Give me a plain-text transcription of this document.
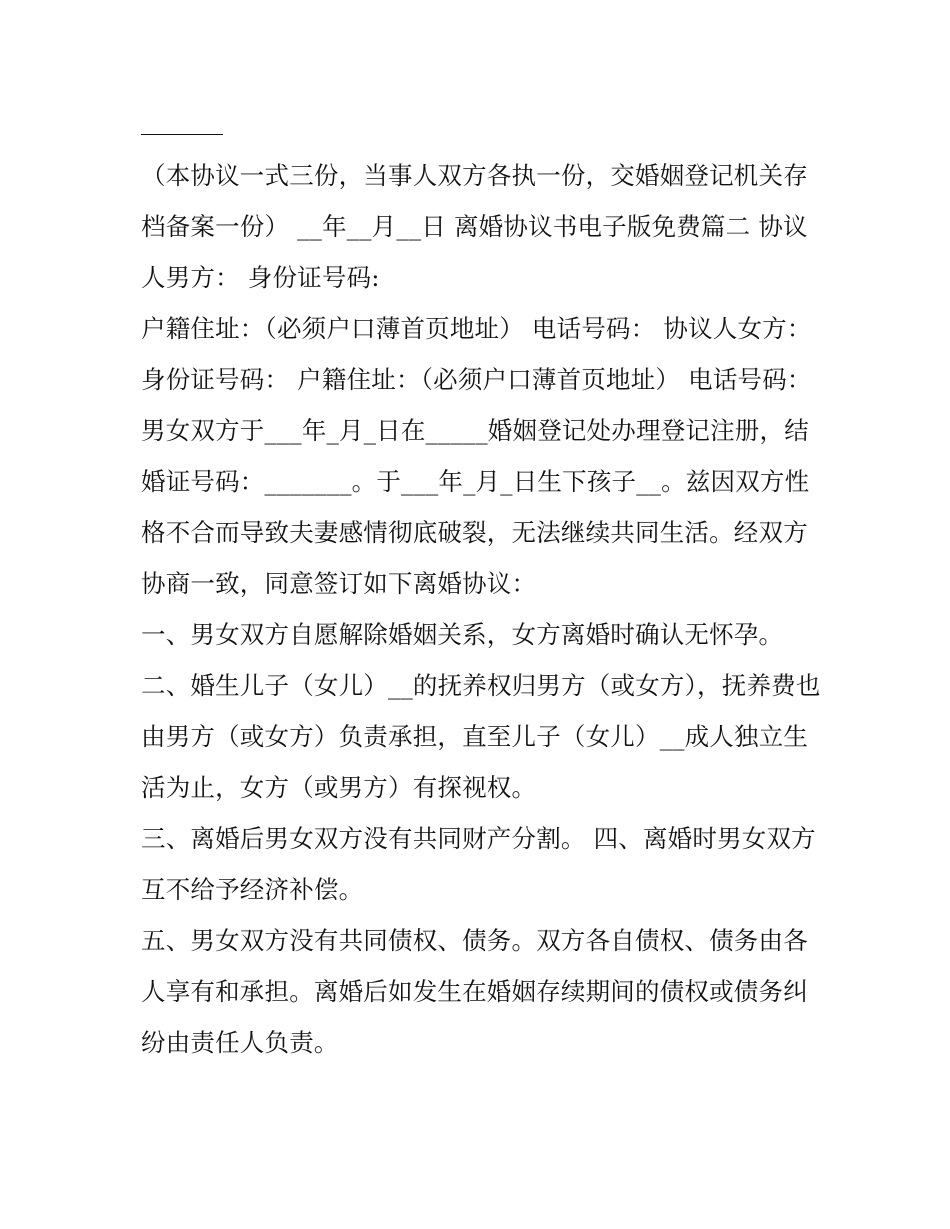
（本协议一式三份，当事人双方各执一份，交婚姻登记机关存档备案一份） __年__月__日 离婚协议书电子版免费篇二 协议人男方： 身份证号码:

户籍住址：（必须户口薄首页地址） 电话号码： 协议人女方： 身份证号码： 户籍住址：（必须户口薄首页地址） 电话号码：

男女双方于___年_月_日在_____婚姻登记处办理登记注册，结婚证号码：_______。于___年_月_日生下孩子__。兹因双方性格不合而导致夫妻感情彻底破裂，无法继续共同生活。经双方协商一致，同意签订如下离婚协议：

一、男女双方自愿解除婚姻关系，女方离婚时确认无怀孕。

二、婚生儿子（女儿）__的抚养权归男方（或女方），抚养费也由男方（或女方）负责承担，直至儿子（女儿）__成人独立生活为止，女方（或男方）有探视权。

三、离婚后男女双方没有共同财产分割。 四、离婚时男女双方互不给予经济补偿。

五、男女双方没有共同债权、债务。双方各自债权、债务由各人享有和承担。离婚后如发生在婚姻存续期间的债权或债务纠纷由责任人负责。
